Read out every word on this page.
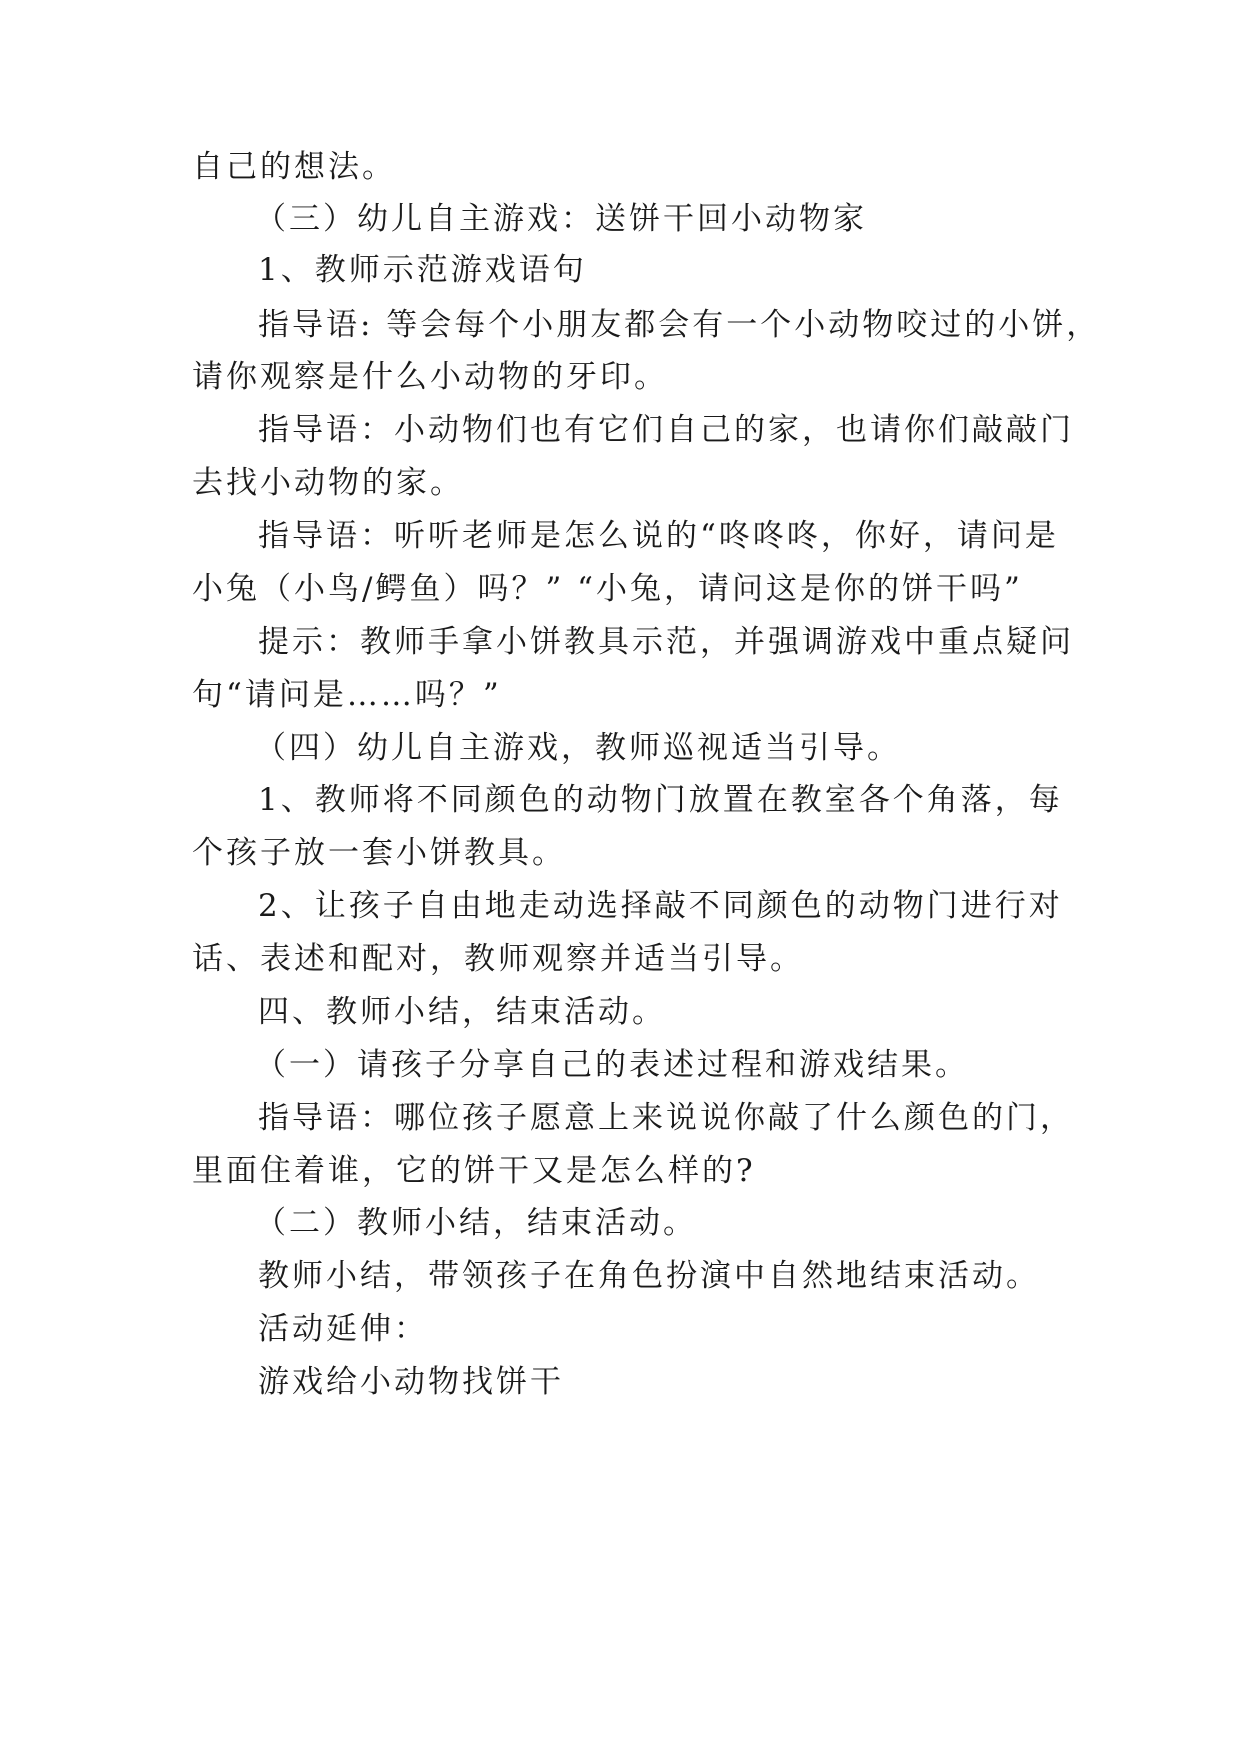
自己的想法。
（三）幼儿自主游戏：送饼干回小动物家
1、教师示范游戏语句
指导语: 等会每个小朋友都会有一个小动物咬过的小饼，
请你观察是什么小动物的牙印。
指导语：小动物们也有它们自己的家，也请你们敲敲门
去找小动物的家。
指导语：听听老师是怎么说的“咚咚咚，你好，请问是
小兔（小鸟/鳄鱼）吗？” “小兔，请问这是你的饼干吗”
提示：教师手拿小饼教具示范，并强调游戏中重点疑问
句“请问是……吗？”
（四）幼儿自主游戏，教师巡视适当引导。
1、教师将不同颜色的动物门放置在教室各个角落，每
个孩子放一套小饼教具。
2、让孩子自由地走动选择敲不同颜色的动物门进行对
话、表述和配对，教师观察并适当引导。
四、教师小结，结束活动。
（一）请孩子分享自己的表述过程和游戏结果。
指导语：哪位孩子愿意上来说说你敲了什么颜色的门，
里面住着谁，它的饼干又是怎么样的?
（二）教师小结，结束活动。
教师小结，带领孩子在角色扮演中自然地结束活动。
活动延伸：
游戏给小动物找饼干
